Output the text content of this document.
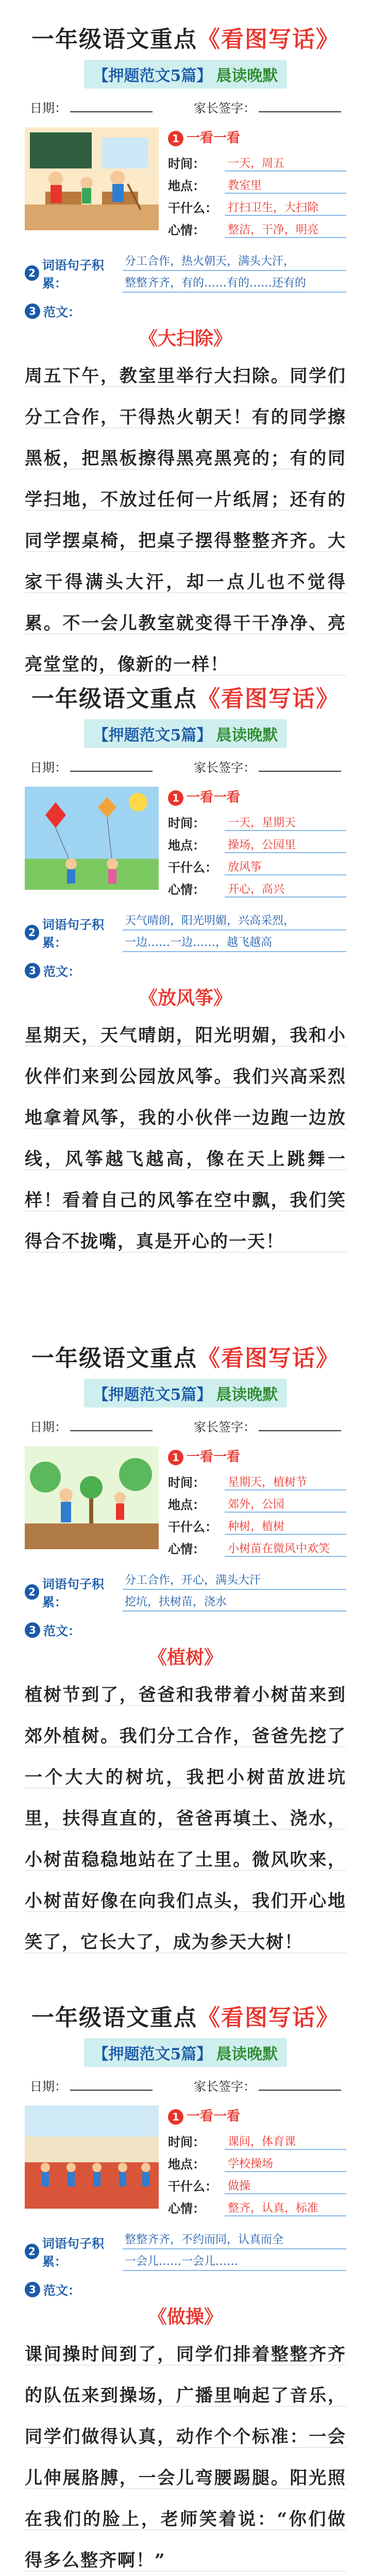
一年级语文重点《看图写话》
【押题范文5篇】 晨读晚默
日期：	家长签字：
1 一看一看
时间：	一天，周五
地点：	教室里
干什么： 打扫卫生，大扫除
心情：	整洁，干净，明亮
2
词语句子积累：
分工合作，热火朝天，满头大汗，
整整齐齐，有的……有的……还有的
3 范文：
《大扫除》
周五下午，教室里举行大扫除。同学们分工合作，干得热火朝天！有的同学擦黑板，把黑板擦得黑亮黑亮的；有的同学扫地，不放过任何一片纸屑；还有的同学摆桌椅，把桌子摆得整整齐齐。大家干得满头大汗，却一点儿也不觉得累。不一会儿教室就变得干干净净、亮亮堂堂的，像新的一样！
一年级语文重点《看图写话》
【押题范文5篇】 晨读晚默
日期：	家长签字：
1 一看一看
时间：	一天，星期天
地点：	操场，公园里
干什么： 放风筝
心情：	开心，高兴
2
词语句子积累：
天气晴朗，阳光明媚，兴高采烈，
一边……一边……，越飞越高
3 范文：
《放风筝》
星期天，天气晴朗，阳光明媚，我和小伙伴们来到公园放风筝。我们兴高采烈地拿着风筝，我的小伙伴一边跑一边放线，风筝越飞越高，像在天上跳舞一样！看着自己的风筝在空中飘，我们笑得合不拢嘴，真是开心的一天！
一年级语文重点《看图写话》
【押题范文5篇】 晨读晚默
日期：	家长签字：
1 一看一看
时间：	星期天，植树节
地点：	郊外，公园
干什么： 种树，植树
心情：	小树苗在微风中欢笑
2
词语句子积累：
分工合作，开心，满头大汗
挖坑，扶树苗，浇水
3 范文：
《植树》
植树节到了，爸爸和我带着小树苗来到郊外植树。我们分工合作，爸爸先挖了一个大大的树坑，我把小树苗放进坑里，扶得直直的，爸爸再填土、浇水，小树苗稳稳地站在了土里。微风吹来，小树苗好像在向我们点头，我们开心地笑了，它长大了，成为参天大树！
一年级语文重点《看图写话》
【押题范文5篇】 晨读晚默
日期：	家长签字：
1 一看一看
时间：	课间，体育课
地点：	学校操场
干什么： 做操
心情：	整齐，认真，标准
2
词语句子积累：
整整齐齐，不约而同，认真而全
一会儿……一会儿……
3 范文：
《做操》
课间操时间到了，同学们排着整整齐齐的队伍来到操场，广播里响起了音乐，同学们做得认真，动作个个标准：一会儿伸展胳膊，一会儿弯腰踢腿。阳光照在我们的脸上，老师笑着说：“你们做得多么整齐啊！”
